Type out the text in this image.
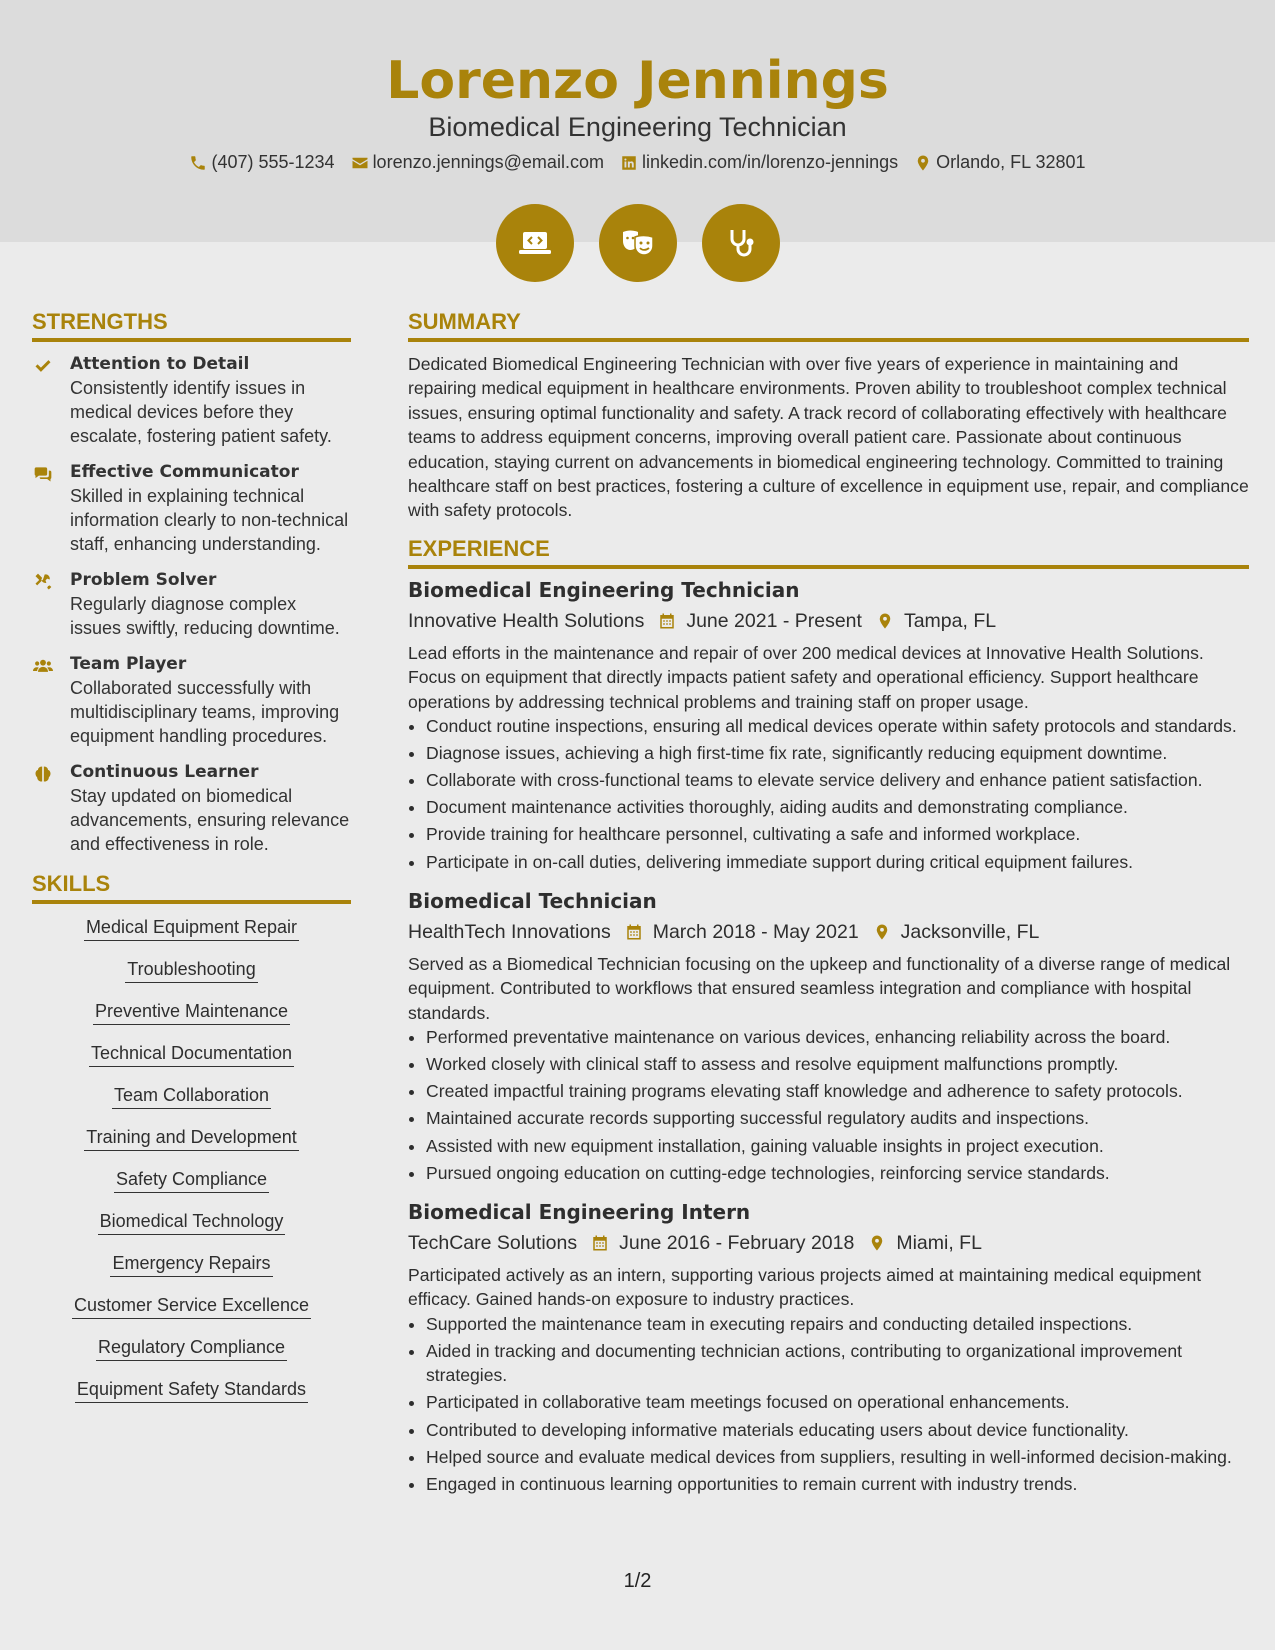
Lorenzo Jennings
Biomedical Engineering Technician
(407) 555-1234 lorenzo.jennings@email.com linkedin.com/in/lorenzo-jennings Orlando, FL 32801
STRENGTHS
Attention to Detail
Consistently identify issues in medical devices before they escalate, fostering patient safety.
Effective Communicator
Skilled in explaining technical information clearly to non-technical staff, enhancing understanding.
Problem Solver
Regularly diagnose complex issues swiftly, reducing downtime.
Team Player
Collaborated successfully with multidisciplinary teams, improving equipment handling procedures.
Continuous Learner
Stay updated on biomedical advancements, ensuring relevance and effectiveness in role.
SKILLS
Medical Equipment Repair
Troubleshooting
Preventive Maintenance
Technical Documentation
Team Collaboration
Training and Development
Safety Compliance
Biomedical Technology
Emergency Repairs
Customer Service Excellence
Regulatory Compliance
Equipment Safety Standards
SUMMARY

Dedicated Biomedical Engineering Technician with over five years of experience in maintaining and repairing medical equipment in healthcare environments. Proven ability to troubleshoot complex technical issues, ensuring optimal functionality and safety. A track record of collaborating effectively with healthcare teams to address equipment concerns, improving overall patient care. Passionate about continuous education, staying current on advancements in biomedical engineering technology. Committed to training healthcare staff on best practices, fostering a culture of excellence in equipment use, repair, and compliance with safety protocols.

EXPERIENCE
Biomedical Engineering Technician
Innovative Health Solutions June 2021 - Present Tampa, FL
Lead efforts in the maintenance and repair of over 200 medical devices at Innovative Health Solutions. Focus on equipment that directly impacts patient safety and operational efficiency. Support healthcare operations by addressing technical problems and training staff on proper usage.
• Conduct routine inspections, ensuring all medical devices operate within safety protocols and standards.
• Diagnose issues, achieving a high first-time fix rate, significantly reducing equipment downtime.
• Collaborate with cross-functional teams to elevate service delivery and enhance patient satisfaction.
• Document maintenance activities thoroughly, aiding audits and demonstrating compliance.
• Provide training for healthcare personnel, cultivating a safe and informed workplace.
• Participate in on-call duties, delivering immediate support during critical equipment failures.
Biomedical Technician
HealthTech Innovations March 2018 - May 2021 Jacksonville, FL
Served as a Biomedical Technician focusing on the upkeep and functionality of a diverse range of medical equipment. Contributed to workflows that ensured seamless integration and compliance with hospital standards.
• Performed preventative maintenance on various devices, enhancing reliability across the board.
• Worked closely with clinical staff to assess and resolve equipment malfunctions promptly.
• Created impactful training programs elevating staff knowledge and adherence to safety protocols.
• Maintained accurate records supporting successful regulatory audits and inspections.
• Assisted with new equipment installation, gaining valuable insights in project execution.
• Pursued ongoing education on cutting-edge technologies, reinforcing service standards.
Biomedical Engineering Intern
TechCare Solutions June 2016 - February 2018 Miami, FL
Participated actively as an intern, supporting various projects aimed at maintaining medical equipment efficacy. Gained hands-on exposure to industry practices.
• Supported the maintenance team in executing repairs and conducting detailed inspections.
• Aided in tracking and documenting technician actions, contributing to organizational improvement strategies.
• Participated in collaborative team meetings focused on operational enhancements.
• Contributed to developing informative materials educating users about device functionality.
• Helped source and evaluate medical devices from suppliers, resulting in well-informed decision-making.
• Engaged in continuous learning opportunities to remain current with industry trends.
1/2
